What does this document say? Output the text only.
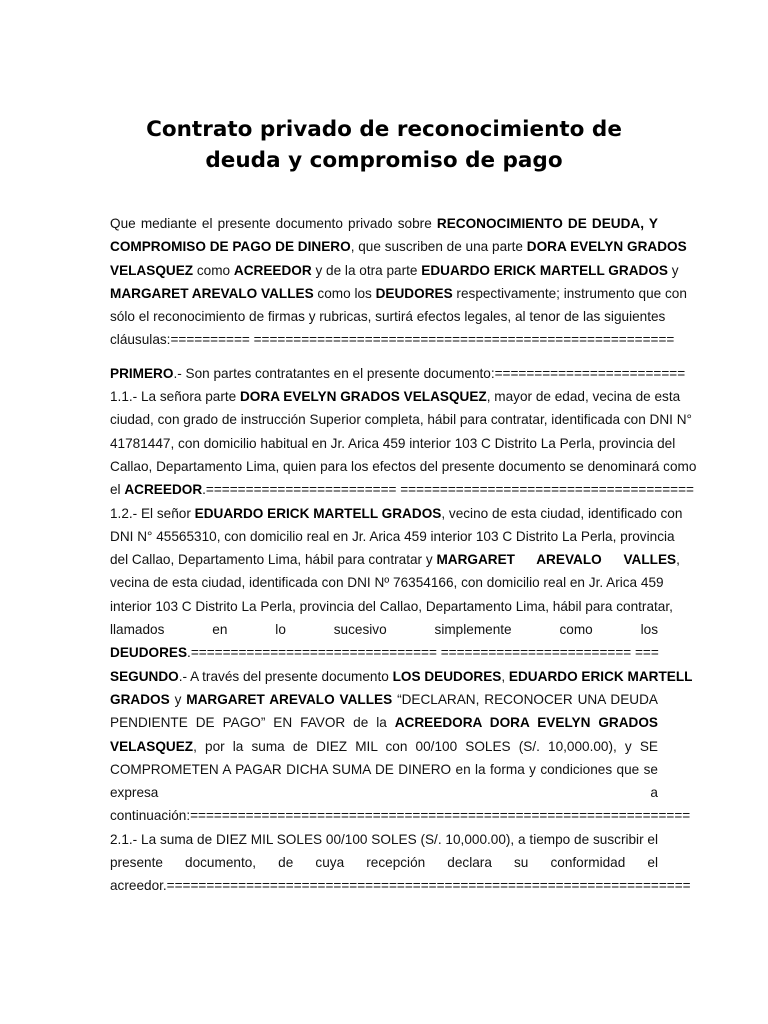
Contrato privado de reconocimiento de
deuda y compromiso de pago

Que mediante el presente documento privado sobre RECONOCIMIENTO DE DEUDA, Y

COMPROMISO DE PAGO DE DINERO, que suscriben de una parte DORA EVELYN GRADOS

VELASQUEZ como ACREEDOR y de la otra parte EDUARDO ERICK MARTELL GRADOS y

MARGARET AREVALO VALLES como los DEUDORES respectivamente; instrumento que con

sólo el reconocimiento de firmas y rubricas, surtirá efectos legales, al tenor de las siguientes

cláusulas:========== =====================================================

PRIMERO.- Son partes contratantes en el presente documento:========================

1.1.- La señora parte DORA EVELYN GRADOS VELASQUEZ, mayor de edad, vecina de esta

ciudad, con grado de instrucción Superior completa, hábil para contratar, identificada con DNI N°

41781447, con domicilio habitual en Jr. Arica 459 interior 103 C Distrito La Perla, provincia del

Callao, Departamento Lima, quien para los efectos del presente documento se denominará como

el ACREEDOR.======================== =====================================

1.2.- El señor EDUARDO ERICK MARTELL GRADOS, vecino de esta ciudad, identificado con

DNI N° 45565310, con domicilio real en Jr. Arica 459 interior 103 C Distrito La Perla, provincia

del Callao, Departamento Lima, hábil para contratar y MARGARET AREVALO VALLES,

vecina de esta ciudad, identificada con DNI Nº 76354166, con domicilio real en Jr. Arica 459

interior 103 C Distrito La Perla, provincia del Callao, Departamento Lima, hábil para contratar,

llamados en lo sucesivo simplemente como los

DEUDORES.=============================== ======================== ===

SEGUNDO.- A través del presente documento LOS DEUDORES, EDUARDO ERICK MARTELL

GRADOS y MARGARET AREVALO VALLES “DECLARAN, RECONOCER UNA DEUDA

PENDIENTE DE PAGO” EN FAVOR de la ACREEDORA DORA EVELYN GRADOS

VELASQUEZ, por la suma de DIEZ MIL con 00/100 SOLES (S/. 10,000.00), y SE

COMPROMETEN A PAGAR DICHA SUMA DE DINERO en la forma y condiciones que se

expresa a

continuación:===============================================================

2.1.- La suma de DIEZ MIL SOLES 00/100 SOLES (S/. 10,000.00), a tiempo de suscribir el

presente documento, de cuya recepción declara su conformidad el

acreedor.==================================================================
